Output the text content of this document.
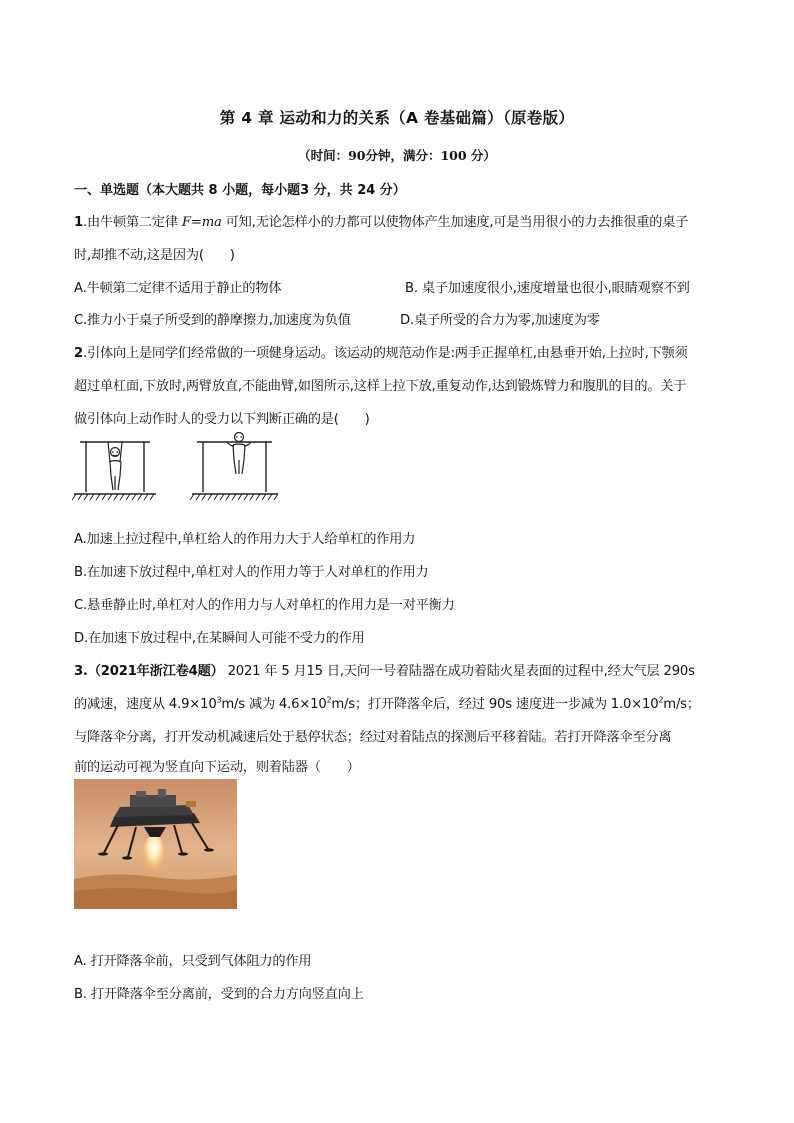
第 4 章 运动和力的关系（A 卷基础篇）（原卷版）
（时间：90分钟，满分：100 分）
一、单选题（本大题共 8 小题，每小题3 分，共 24 分）
1.由牛顿第二定律 F=ma 可知,无论怎样小的力都可以使物体产生加速度,可是当用很小的力去推很重的桌子
时,却推不动,这是因为(　　)
A.牛顿第二定律不适用于静止的物体	B. 桌子加速度很小,速度增量也很小,眼睛观察不到
C.推力小于桌子所受到的静摩擦力,加速度为负值	D.桌子所受的合力为零,加速度为零
2.引体向上是同学们经常做的一项健身运动。该运动的规范动作是:两手正握单杠,由悬垂开始,上拉时,下颚须
超过单杠面,下放时,两臂放直,不能曲臂,如图所示,这样上拉下放,重复动作,达到锻炼臂力和腹肌的目的。关于
做引体向上动作时人的受力以下判断正确的是(　　)
A.加速上拉过程中,单杠给人的作用力大于人给单杠的作用力
B.在加速下放过程中,单杠对人的作用力等于人对单杠的作用力
C.悬垂静止时,单杠对人的作用力与人对单杠的作用力是一对平衡力
D.在加速下放过程中,在某瞬间人可能不受力的作用
3.（2021年浙江卷4题） 2021 年 5 月15 日,天问一号着陆器在成功着陆火星表面的过程中,经大气层 290s
的减速，速度从 $4.9\times 10^3m/s$ 减为 $4.6\times 10^2m/s$；打开降落伞后，经过 90s 速度进一步减为 $1.0\times 10^2m/s$；
与降落伞分离，打开发动机减速后处于悬停状态；经过对着陆点的探测后平移着陆。若打开降落伞至分离
前的运动可视为竖直向下运动，则着陆器（　　）
A. 打开降落伞前，只受到气体阻力的作用
B. 打开降落伞至分离前，受到的合力方向竖直向上
